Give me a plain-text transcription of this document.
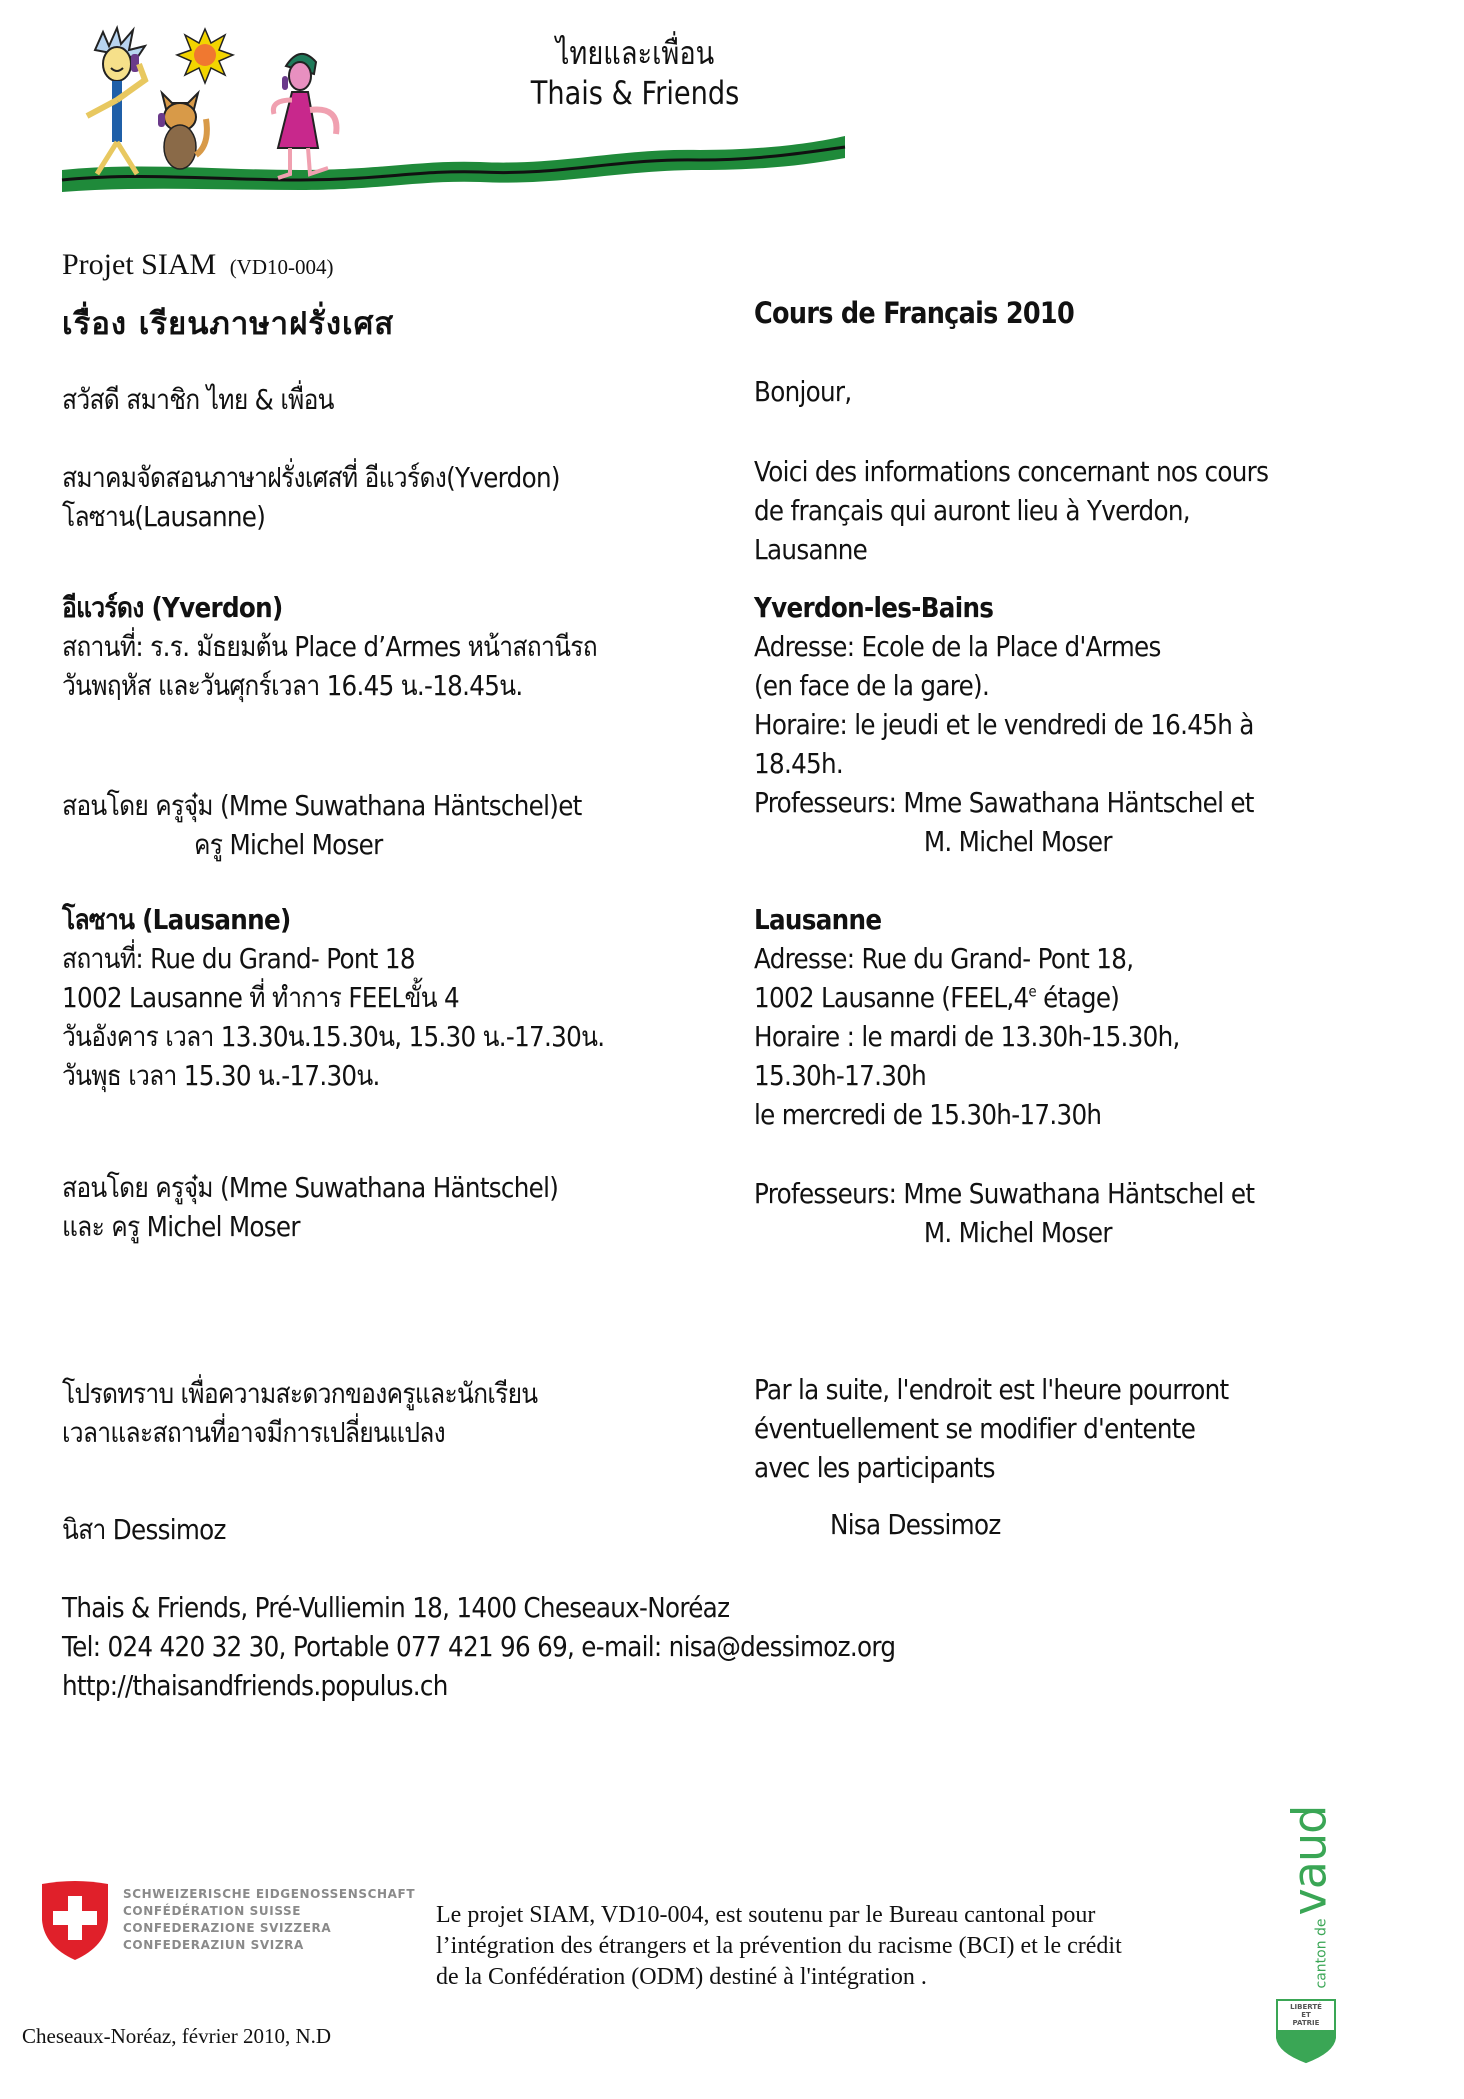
ไทยและเพื่อน
Thais & Friends
Projet SIAM (VD10-004)
เรื่อง เรียนภาษาฝรั่งเศส
สวัสดี สมาชิก ไทย & เพื่อน
สมาคมจัดสอนภาษาฝรั่งเศสที่ อีแวร์ดง(Yverdon)
โลซาน(Lausanne)
อีแวร์ดง (Yverdon)
สถานที่: ร.ร. มัธยมต้น Place d’Armes หน้าสถานีรถ
วันพฤหัส และวันศุกร์เวลา 16.45 น.-18.45น.
สอนโดย ครูจุ๋ม (Mme Suwathana Häntschel)et
ครู Michel Moser
โลซาน (Lausanne)
สถานที่: Rue du Grand- Pont 18
1002 Lausanne ที่ ทำการ FEELขั้น 4
วันอังคาร เวลา 13.30น.15.30น, 15.30 น.-17.30น.
วันพุธ เวลา 15.30 น.-17.30น.
สอนโดย ครูจุ๋ม (Mme Suwathana Häntschel)
และ ครู Michel Moser
โปรดทราบ เพื่อความสะดวกของครูและนักเรียน
เวลาและสถานที่อาจมีการเปลี่ยนแปลง
นิสา Dessimoz
Cours de Français 2010
Bonjour,
Voici des informations concernant nos cours
de français qui auront lieu à Yverdon,
Lausanne
Yverdon-les-Bains
Adresse: Ecole de la Place d'Armes
(en face de la gare).
Horaire: le jeudi et le vendredi de 16.45h à
18.45h.
Professeurs: Mme Sawathana Häntschel et
M. Michel Moser
Lausanne
Adresse: Rue du Grand- Pont 18,
1002 Lausanne (FEEL,4e étage)
Horaire : le mardi de 13.30h-15.30h,
15.30h-17.30h
le mercredi de 15.30h-17.30h
Professeurs: Mme Suwathana Häntschel et
M. Michel Moser
Par la suite, l'endroit est l'heure pourront
éventuellement se modifier d'entente
avec les participants
Nisa Dessimoz
Thais & Friends, Pré-Vulliemin 18, 1400 Cheseaux-Noréaz
Tel: 024 420 32 30, Portable 077 421 96 69, e-mail: nisa@dessimoz.org
http://thaisandfriends.populus.ch
SCHWEIZERISCHE EIDGENOSSENSCHAFT
CONFÉDÉRATION SUISSE
CONFEDERAZIONE SVIZZERA
CONFEDERAZIUN SVIZRA
Le projet SIAM, VD10-004, est soutenu par le Bureau cantonal pour
l’intégration des étrangers et la prévention du racisme (BCI) et le crédit
de la Confédération (ODM) destiné à l'intégration .	canton devaud
LIBERTÉ
ET
PATRIE
Cheseaux-Noréaz, février 2010, N.D
